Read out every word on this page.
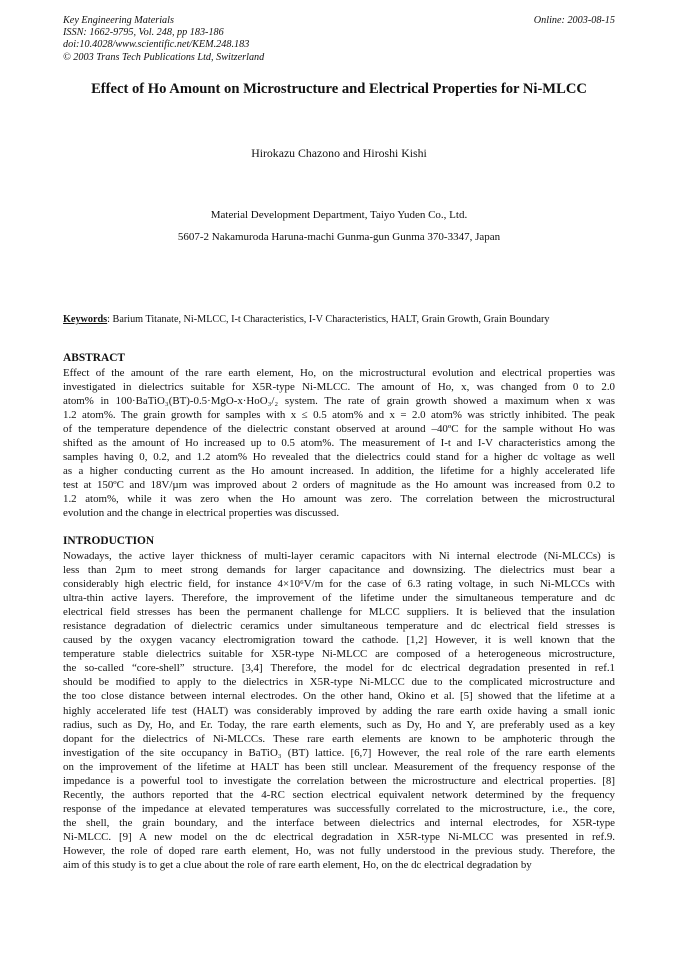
Key Engineering Materials
ISSN: 1662-9795, Vol. 248, pp 183-186
doi:10.4028/www.scientific.net/KEM.248.183
© 2003 Trans Tech Publications Ltd, Switzerland
Online: 2003-08-15
Effect of Ho Amount on Microstructure and Electrical Properties for Ni-MLCC
Hirokazu Chazono and Hiroshi Kishi
Material Development Department, Taiyo Yuden Co., Ltd.
5607-2 Nakamuroda Haruna-machi Gunma-gun Gunma 370-3347, Japan
Keywords: Barium Titanate, Ni-MLCC, I-t Characteristics, I-V Characteristics, HALT, Grain Growth, Grain Boundary
ABSTRACT
Effect of the amount of the rare earth element, Ho, on the microstructural evolution and electrical properties was
investigated in dielectrics suitable for X5R-type Ni-MLCC. The amount of Ho, x, was changed from 0 to 2.0
atom% in 100·BaTiO₃(BT)-0.5·MgO-x·HoO₃/₂ system. The rate of grain growth showed a maximum when x was
1.2 atom%. The grain growth for samples with x ≤ 0.5 atom% and x = 2.0 atom% was strictly inhibited. The peak
of the temperature dependence of the dielectric constant observed at around –40ºC for the sample without Ho was
shifted as the amount of Ho increased up to 0.5 atom%. The measurement of I-t and I-V characteristics among the
samples having 0, 0.2, and 1.2 atom% Ho revealed that the dielectrics could stand for a higher dc voltage as well
as a higher conducting current as the Ho amount increased. In addition, the lifetime for a highly accelerated life
test at 150ºC and 18V/µm was improved about 2 orders of magnitude as the Ho amount was increased from 0.2 to
1.2 atom%, while it was zero when the Ho amount was zero. The correlation between the microstructural
evolution and the change in electrical properties was discussed.
INTRODUCTION
Nowadays, the active layer thickness of multi-layer ceramic capacitors with Ni internal electrode (Ni-MLCCs) is
less than 2µm to meet strong demands for larger capacitance and downsizing. The dielectrics must bear a
considerably high electric field, for instance 4×10⁶V/m for the case of 6.3 rating voltage, in such Ni-MLCCs with
ultra-thin active layers. Therefore, the improvement of the lifetime under the simultaneous temperature and dc
electrical field stresses has been the permanent challenge for MLCC suppliers. It is believed that the insulation
resistance degradation of dielectric ceramics under simultaneous temperature and dc electrical field stresses is
caused by the oxygen vacancy electromigration toward the cathode. [1,2] However, it is well known that the
temperature stable dielectrics suitable for X5R-type Ni-MLCC are composed of a heterogeneous microstructure,
the so-called “core-shell” structure. [3,4] Therefore, the model for dc electrical degradation presented in ref.1
should be modified to apply to the dielectrics in X5R-type Ni-MLCC due to the complicated microstructure and
the too close distance between internal electrodes. On the other hand, Okino et al. [5] showed that the lifetime at a
highly accelerated life test (HALT) was considerably improved by adding the rare earth oxide having a small ionic
radius, such as Dy, Ho, and Er. Today, the rare earth elements, such as Dy, Ho and Y, are preferably used as a key
dopant for the dielectrics of Ni-MLCCs. These rare earth elements are known to be amphoteric through the
investigation of the site occupancy in BaTiO₃ (BT) lattice. [6,7] However, the real role of the rare earth elements
on the improvement of the lifetime at HALT has been still unclear. Measurement of the frequency response of the
impedance is a powerful tool to investigate the correlation between the microstructure and electrical properties. [8]
Recently, the authors reported that the 4-RC section electrical equivalent network determined by the frequency
response of the impedance at elevated temperatures was successfully correlated to the microstructure, i.e., the core,
the shell, the grain boundary, and the interface between dielectrics and internal electrodes, for X5R-type
Ni-MLCC. [9] A new model on the dc electrical degradation in X5R-type Ni-MLCC was presented in ref.9.
However, the role of doped rare earth element, Ho, was not fully understood in the previous study. Therefore, the
aim of this study is to get a clue about the role of rare earth element, Ho, on the dc electrical degradation by
